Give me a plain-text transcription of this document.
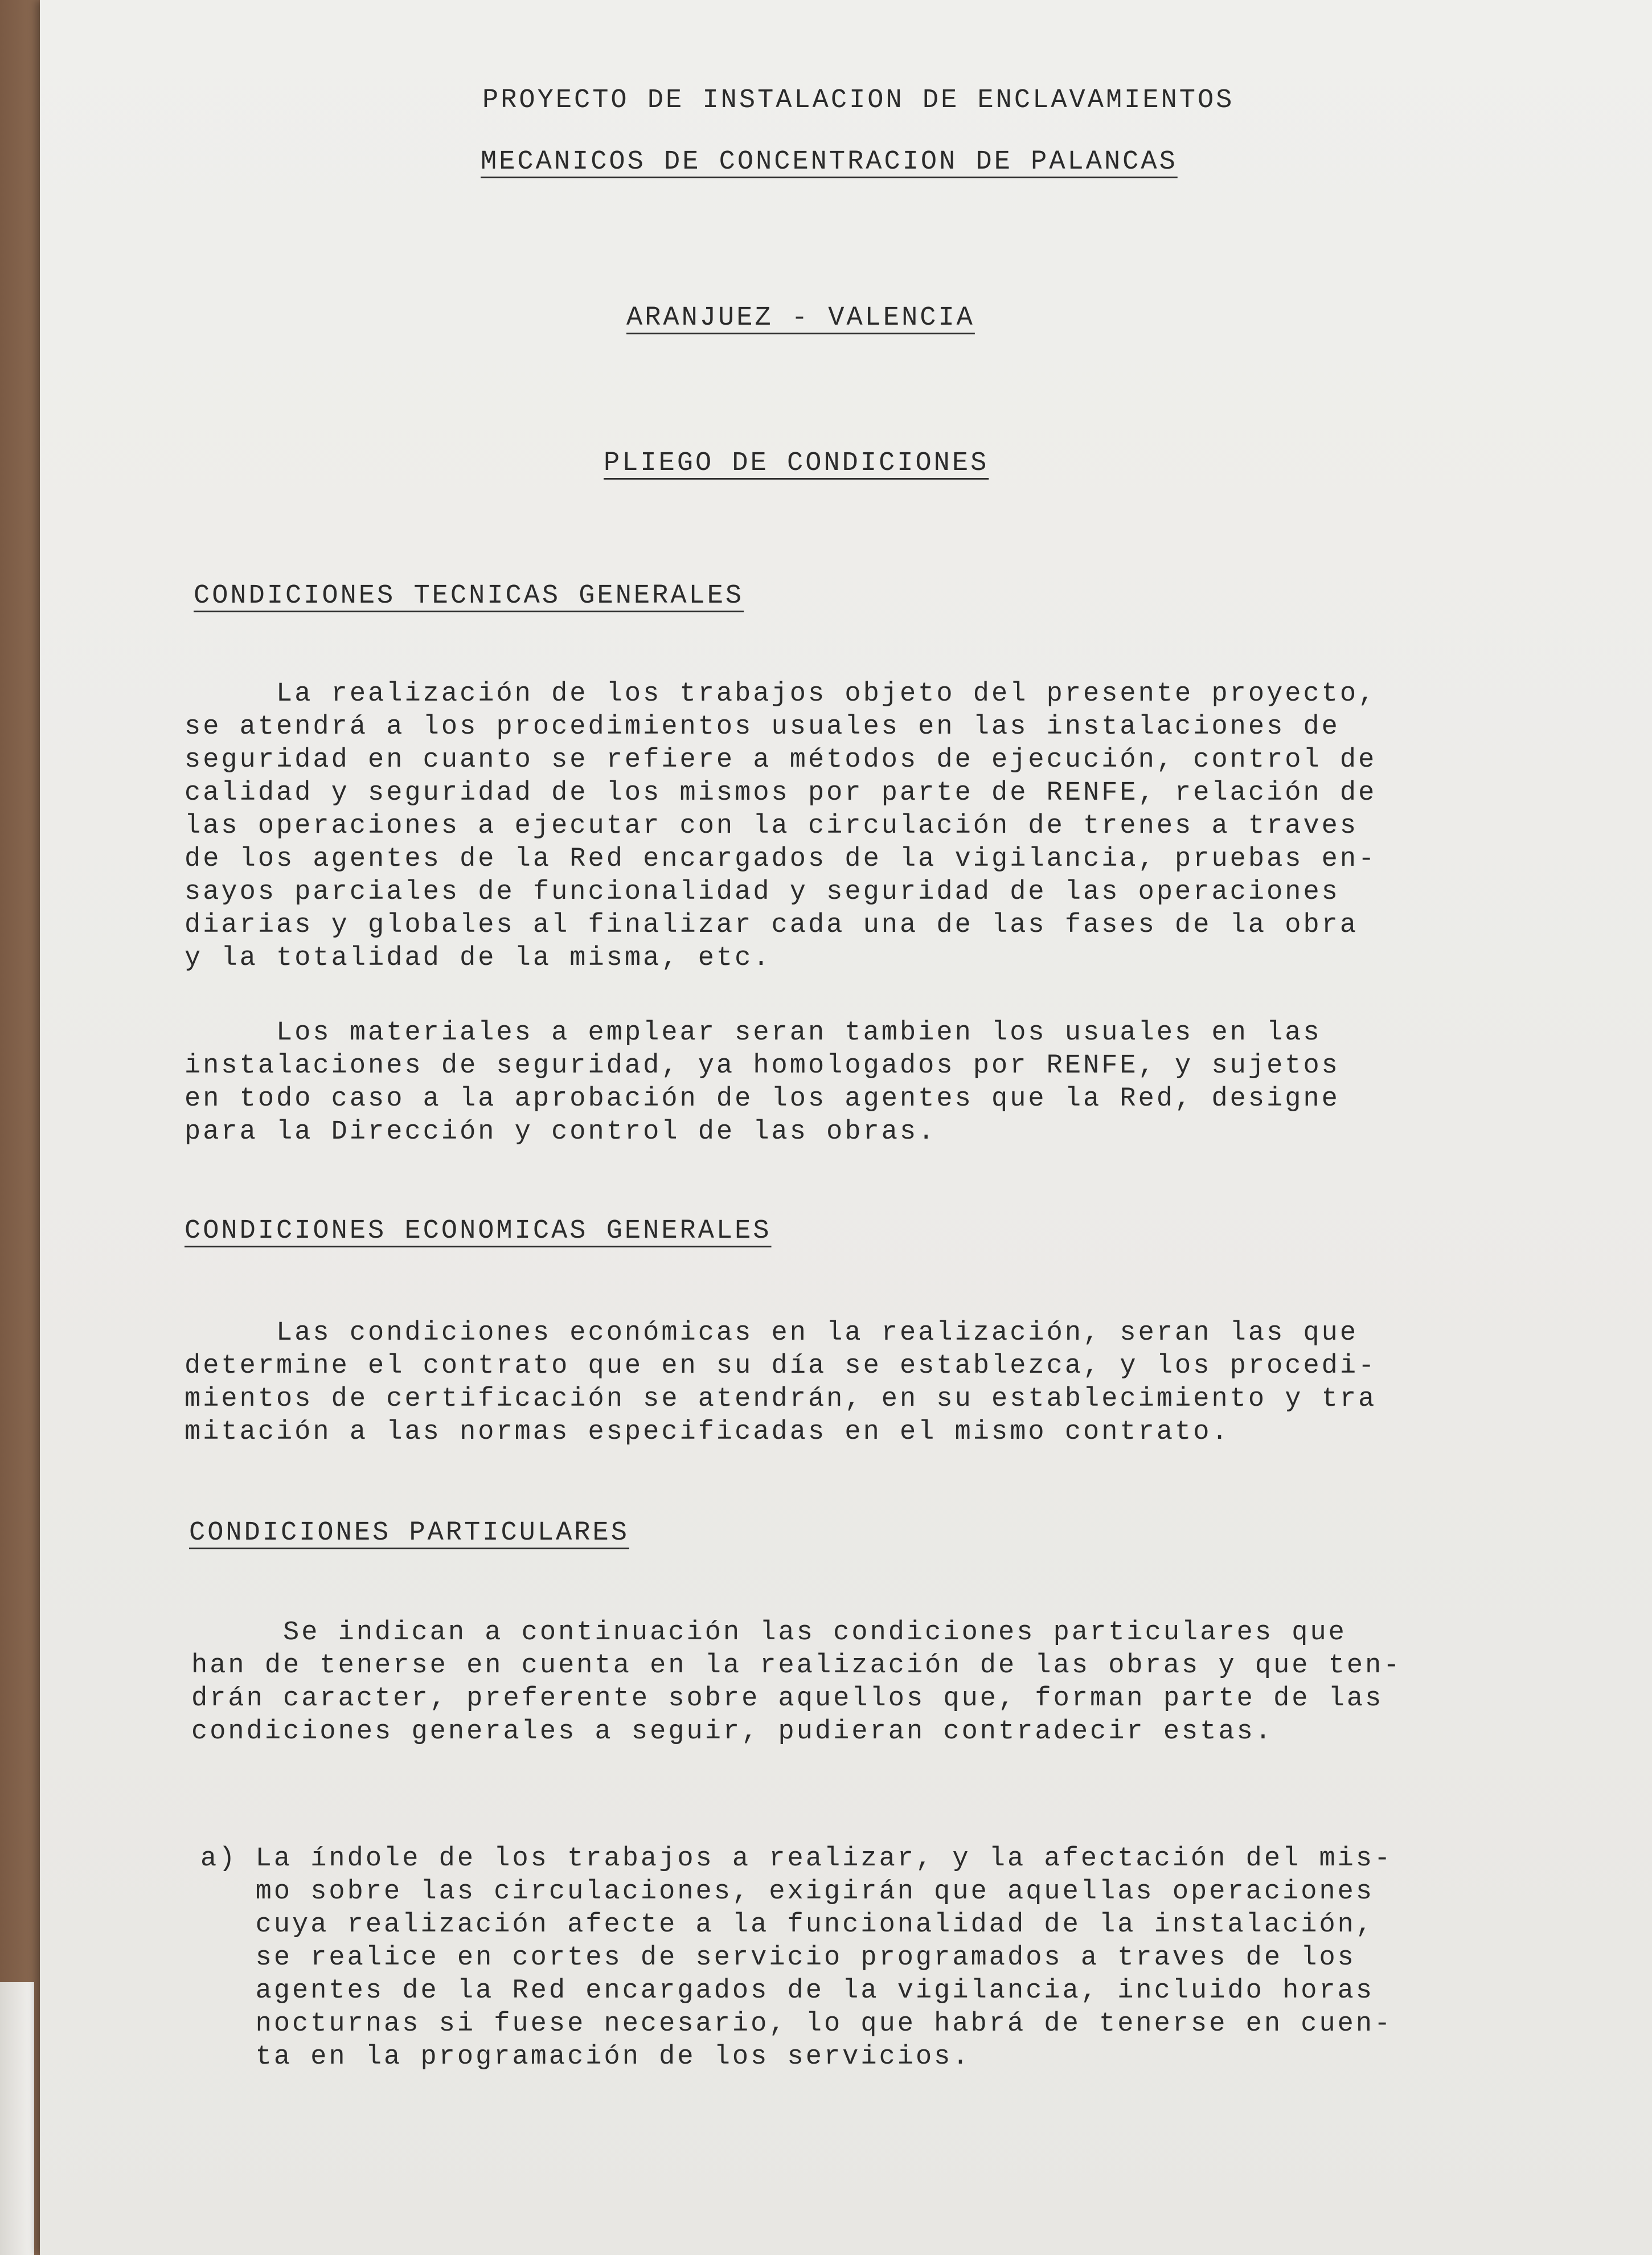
PROYECTO DE INSTALACION DE ENCLAVAMIENTOS
MECANICOS DE CONCENTRACION DE PALANCAS
ARANJUEZ - VALENCIA
PLIEGO DE CONDICIONES
CONDICIONES TECNICAS GENERALES
La realización de los trabajos objeto del presente proyecto,
se atendrá a los procedimientos usuales en las instalaciones de
seguridad en cuanto se refiere a métodos de ejecución, control de
calidad y seguridad de los mismos por parte de RENFE, relación de
las operaciones a ejecutar con la circulación de trenes a traves
de los agentes de la Red encargados de la vigilancia, pruebas en-
sayos parciales de funcionalidad y seguridad de las operaciones
diarias y globales al finalizar cada una de las fases de la obra
y la totalidad de la misma, etc.
Los materiales a emplear seran tambien los usuales en las
instalaciones de seguridad, ya homologados por RENFE, y sujetos
en todo caso a la aprobación de los agentes que la Red, designe
para la Dirección y control de las obras.
CONDICIONES ECONOMICAS GENERALES
Las condiciones económicas en la realización, seran las que
determine el contrato que en su día se establezca, y los procedi-
mientos de certificación se atendrán, en su establecimiento y tra
mitación a las normas especificadas en el mismo contrato.
CONDICIONES PARTICULARES
Se indican a continuación las condiciones particulares que
han de tenerse en cuenta en la realización de las obras y que ten-
drán caracter, preferente sobre aquellos que, forman parte de las
condiciones generales a seguir, pudieran contradecir estas.
a) La índole de los trabajos a realizar, y la afectación del mis-
mo sobre las circulaciones, exigirán que aquellas operaciones
cuya realización afecte a la funcionalidad de la instalación,
se realice en cortes de servicio programados a traves de los
agentes de la Red encargados de la vigilancia, incluido horas
nocturnas si fuese necesario, lo que habrá de tenerse en cuen-
ta en la programación de los servicios.
